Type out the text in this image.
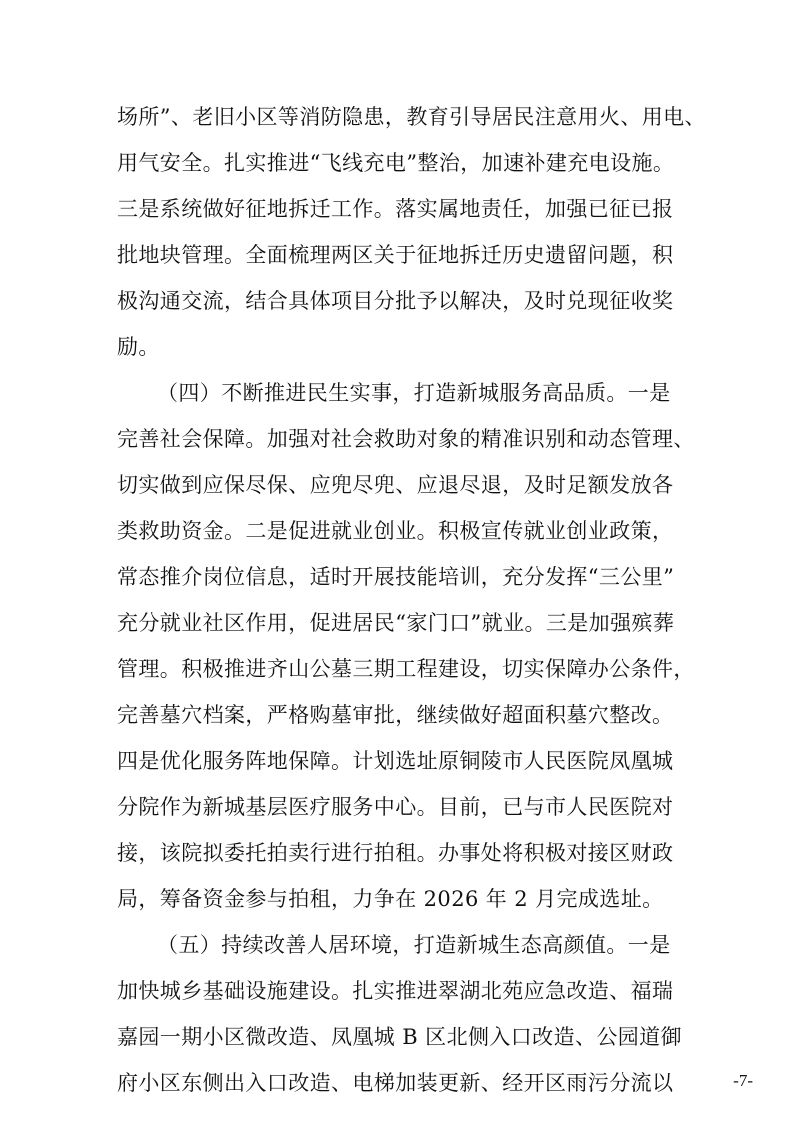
场所”、老旧小区等消防隐患，教育引导居民注意用火、用电、
用气安全。扎实推进“飞线充电”整治，加速补建充电设施。
三是系统做好征地拆迁工作。落实属地责任，加强已征已报
批地块管理。全面梳理两区关于征地拆迁历史遗留问题，积
极沟通交流，结合具体项目分批予以解决，及时兑现征收奖
励。
（四）不断推进民生实事，打造新城服务高品质。一是
完善社会保障。加强对社会救助对象的精准识别和动态管理、
切实做到应保尽保、应兜尽兜、应退尽退，及时足额发放各
类救助资金。二是促进就业创业。积极宣传就业创业政策，
常态推介岗位信息，适时开展技能培训，充分发挥“三公里”
充分就业社区作用，促进居民“家门口”就业。三是加强殡葬
管理。积极推进齐山公墓三期工程建设，切实保障办公条件，
完善墓穴档案，严格购墓审批，继续做好超面积墓穴整改。
四是优化服务阵地保障。计划选址原铜陵市人民医院凤凰城
分院作为新城基层医疗服务中心。目前，已与市人民医院对
接，该院拟委托拍卖行进行拍租。办事处将积极对接区财政
局，筹备资金参与拍租，力争在 2026 年 2 月完成选址。
（五）持续改善人居环境，打造新城生态高颜值。一是
加快城乡基础设施建设。扎实推进翠湖北苑应急改造、福瑞
嘉园一期小区微改造、凤凰城 B 区北侧入口改造、公园道御
府小区东侧出入口改造、电梯加装更新、经开区雨污分流以	-7-
